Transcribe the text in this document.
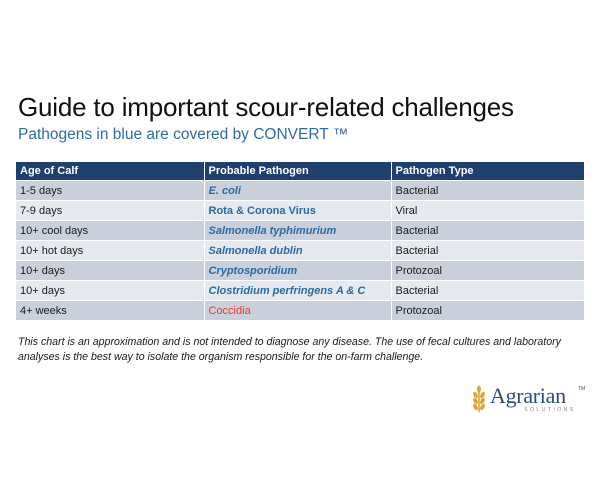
Guide to important scour-related challenges
Pathogens in blue are covered by CONVERT ™
Age of Calf	Probable Pathogen	Pathogen Type
1-5 days	E. coli	Bacterial
7-9 days	Rota & Corona Virus	Viral
10+ cool days	Salmonella typhimurium	Bacterial
10+ hot days	Salmonella dublin	Bacterial
10+ days	Cryptosporidium	Protozoal
10+ days	Clostridium perfringens A & C	Bacterial
4+ weeks	Coccidia	Protozoal
This chart is an approximation and is not intended to diagnose any disease. The use of fecal cultures and laboratory analyses is the best way to isolate the organism responsible for the on-farm challenge.
Agrarian TM
SOLUTIONS
